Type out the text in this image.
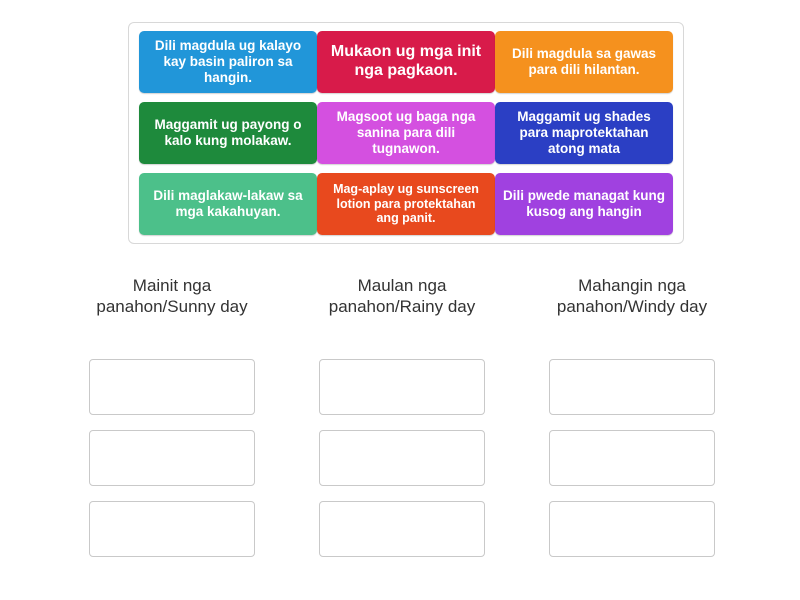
Dili magdula ug kalayo kay basin paliron sa hangin.
Mukaon ug mga init nga pagkaon.
Dili magdula sa gawas para dili hilantan.
Maggamit ug payong o kalo kung molakaw.
Magsoot ug baga nga sanina para dili tugnawon.
Maggamit ug shades para maprotektahan atong mata
Dili maglakaw-lakaw sa mga kakahuyan.
Mag-aplay ug sunscreen lotion para protektahan ang panit.
Dili pwede managat kung kusog ang hangin
Mainit nga panahon/Sunny day
Maulan nga panahon/Rainy day
Mahangin nga panahon/Windy day
